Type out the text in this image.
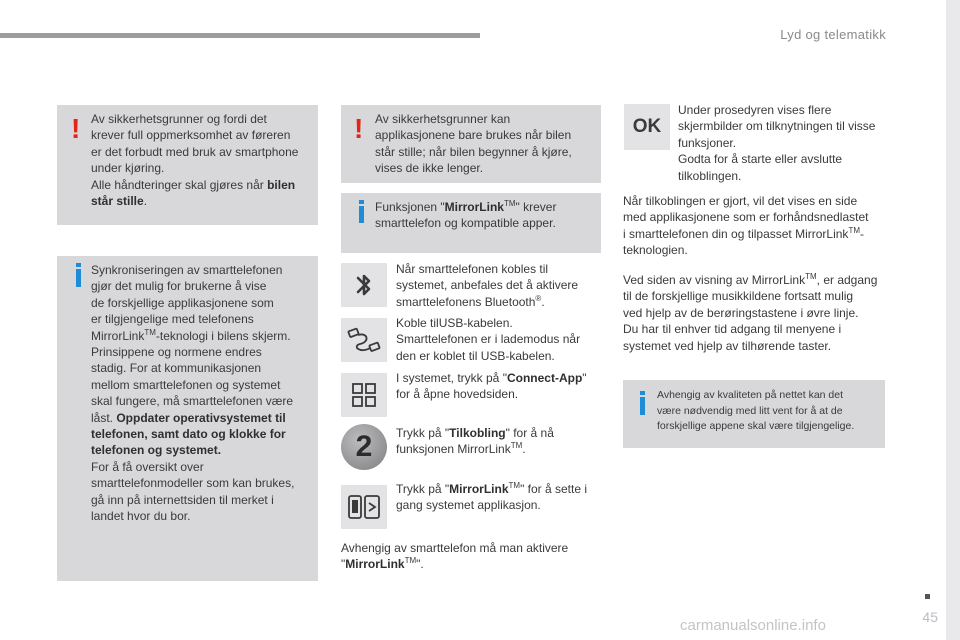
Lyd og telematikk
! Av sikkerhetsgrunner og fordi det
krever full oppmerksomhet av føreren
er det forbudt med bruk av smartphone
under kjøring.
Alle håndteringer skal gjøres når bilen
står stille.
Synkroniseringen av smarttelefonen
gjør det mulig for brukerne å vise
de forskjellige applikasjonene som
er tilgjengelige med telefonens
MirrorLink™-teknologi i bilens skjerm.
Prinsippene og normene endres
stadig. For at kommunikasjonen
mellom smarttelefonen og systemet
skal fungere, må smarttelefonen være
låst. Oppdater operativsystemet til
telefonen, samt dato og klokke for
telefonen og systemet.
For å få oversikt over
smarttelefonmodeller som kan brukes,
gå inn på internettsiden til merket i
landet hvor du bor.
! Av sikkerhetsgrunner kan
applikasjonene bare brukes når bilen
står stille; når bilen begynner å kjøre,
vises de ikke lenger.
Funksjonen "MirrorLink™" krever
smarttelefon og kompatible apper.
Når smarttelefonen kobles til
systemet, anbefales det å aktivere
smarttelefonens Bluetooth®.
Koble tilUSB-kabelen.
Smarttelefonen er i lademodus når
den er koblet til USB-kabelen.
I systemet, trykk på "Connect-App"
for å åpne hovedsiden.
2	Trykk på "Tilkobling" for å nå
funksjonen MirrorLink™.
Trykk på "MirrorLink™" for å sette i
gang systemet applikasjon.
Avhengig av smarttelefon må man aktivere
"MirrorLink™".
OK
Under prosedyren vises flere
skjermbilder om tilknytningen til visse
funksjoner.
Godta for å starte eller avslutte
tilkoblingen.
Når tilkoblingen er gjort, vil det vises en side
med applikasjonene som er forhåndsnedlastet
i smarttelefonen din og tilpasset MirrorLink™-
teknologien.
Ved siden av visning av MirrorLink™, er adgang
til de forskjellige musikkildene fortsatt mulig
ved hjelp av de berøringstastene i øvre linje.
Du har til enhver tid adgang til menyene i
systemet ved hjelp av tilhørende taster.
Avhengig av kvaliteten på nettet kan det
være nødvendig med litt vent for å at de
forskjellige appene skal være tilgjengelige.
45
carmanualsonline.info
